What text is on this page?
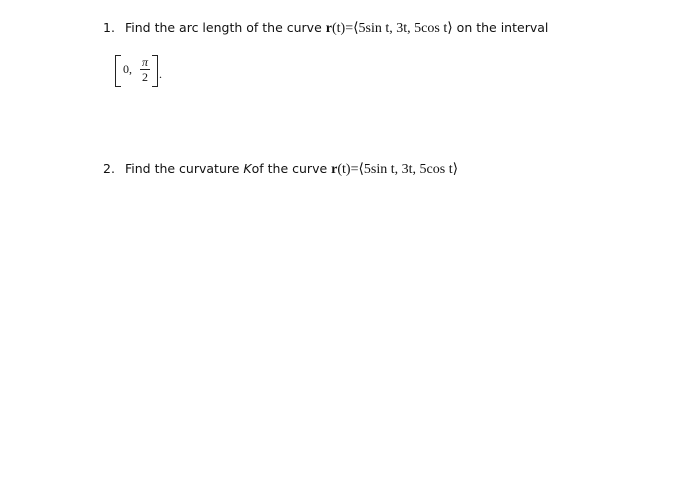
1. Find the arc length of the curve r(t)=⟨5sin t, 3t, 5cos t⟩ on the interval
0, π
2 .
2. Find the curvature Kof the curve r(t)=⟨5sin t, 3t, 5cos t⟩
